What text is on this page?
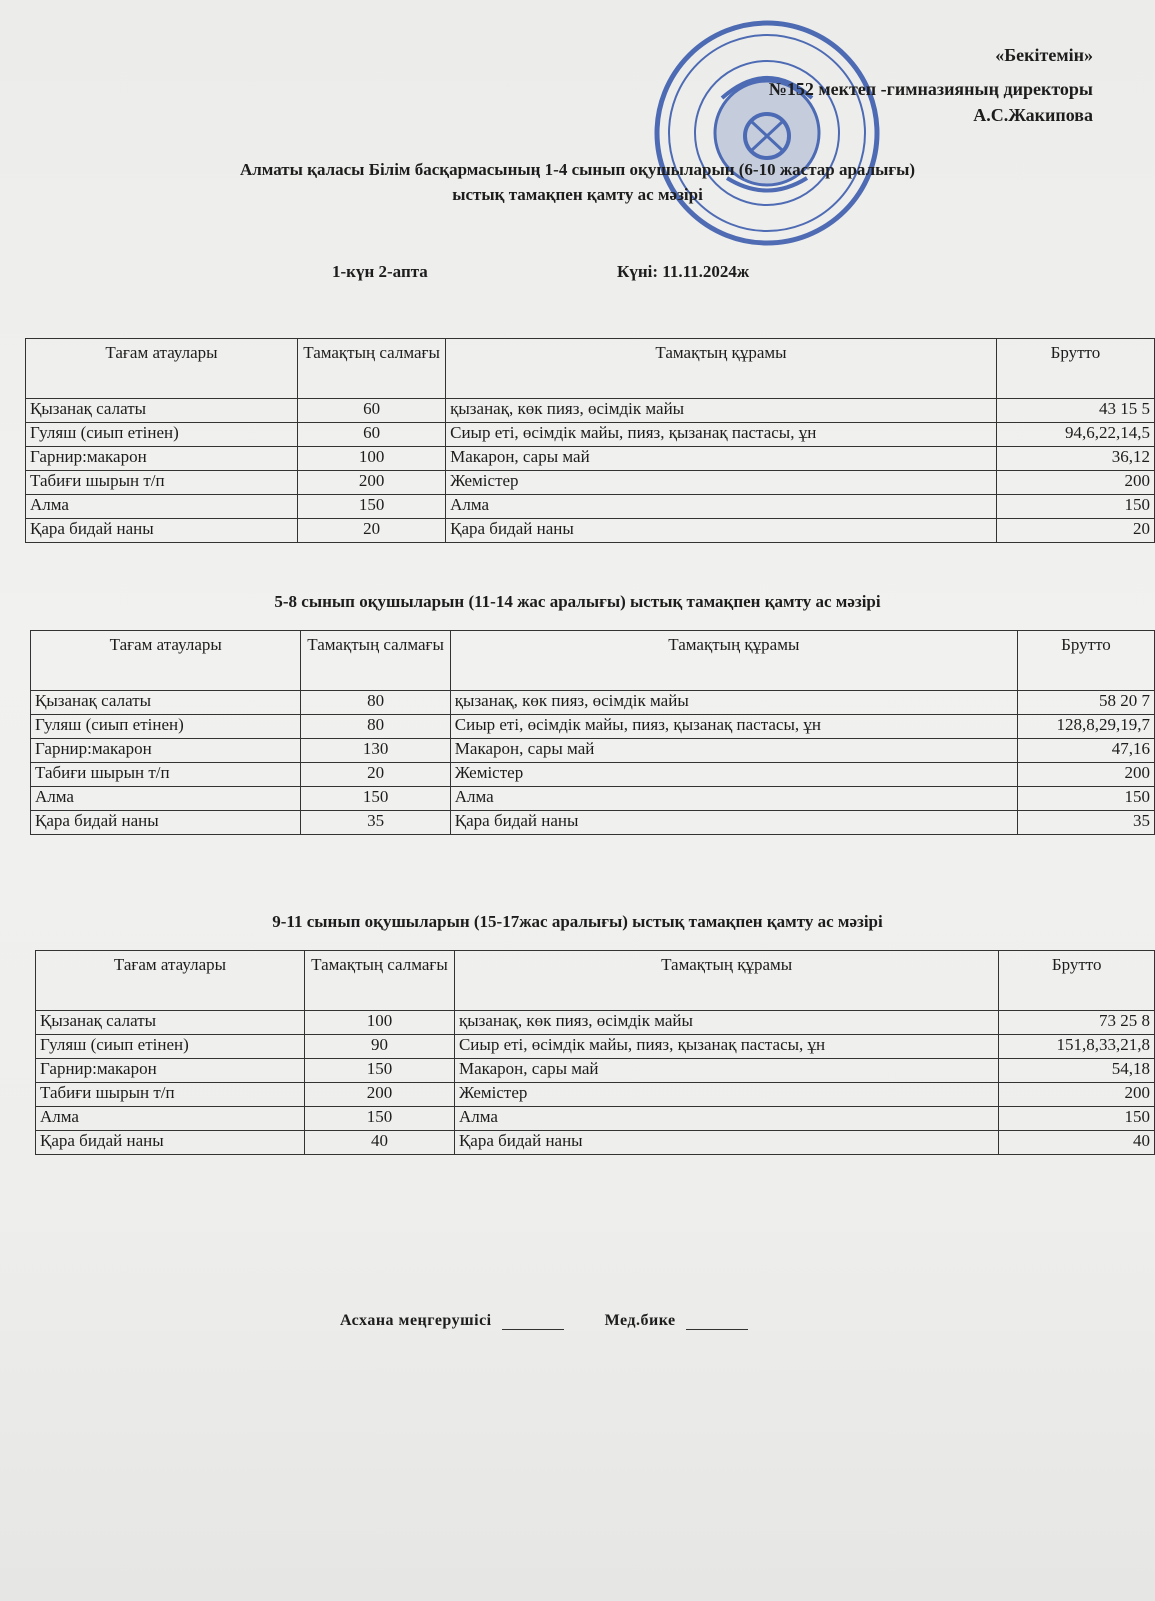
«Бекітемін»
№152 мектеп -гимназияның директоры
А.С.Жакипова
Алматы қаласы Білім басқармасының 1-4 сынып оқушыларын (6-10 жастар аралығы)
ыстық тамақпен қамту ас мәзірі
1-күн 2-апта	Күні: 11.11.2024ж
Тағам атаулары	Тамақтың салмағы	Тамақтың құрамы	Брутто
Қызанақ салаты	60	қызанақ, көк пияз, өсімдік майы	43 15 5
Гуляш (сиып етінен)	60	Сиыр еті, өсімдік майы, пияз, қызанақ пастасы, ұн	94,6,22,14,5
Гарнир:макарон	100	Макарон, сары май	36,12
Табиғи шырын т/п	200	Жемістер	200
Алма	150	Алма	150
Қара бидай наны	20	Қара бидай наны	20
5-8 сынып оқушыларын (11-14 жас аралығы) ыстық тамақпен қамту ас мәзірі
Тағам атаулары	Тамақтың салмағы	Тамақтың құрамы	Брутто
Қызанақ салаты	80	қызанақ, көк пияз, өсімдік майы	58 20 7
Гуляш (сиып етінен)	80	Сиыр еті, өсімдік майы, пияз, қызанақ пастасы, ұн	128,8,29,19,7
Гарнир:макарон	130	Макарон, сары май	47,16
Табиғи шырын т/п	20	Жемістер	200
Алма	150	Алма	150
Қара бидай наны	35	Қара бидай наны	35
9-11 сынып оқушыларын (15-17жас аралығы) ыстық тамақпен қамту ас мәзірі
Тағам атаулары	Тамақтың салмағы	Тамақтың құрамы	Брутто
Қызанақ салаты	100	қызанақ, көк пияз, өсімдік майы	73 25 8
Гуляш (сиып етінен)	90	Сиыр еті, өсімдік майы, пияз, қызанақ пастасы, ұн	151,8,33,21,8
Гарнир:макарон	150	Макарон, сары май	54,18
Табиғи шырын т/п	200	Жемістер	200
Алма	150	Алма	150
Қара бидай наны	40	Қара бидай наны	40
Асхана меңгерушісі	Мед.бике
